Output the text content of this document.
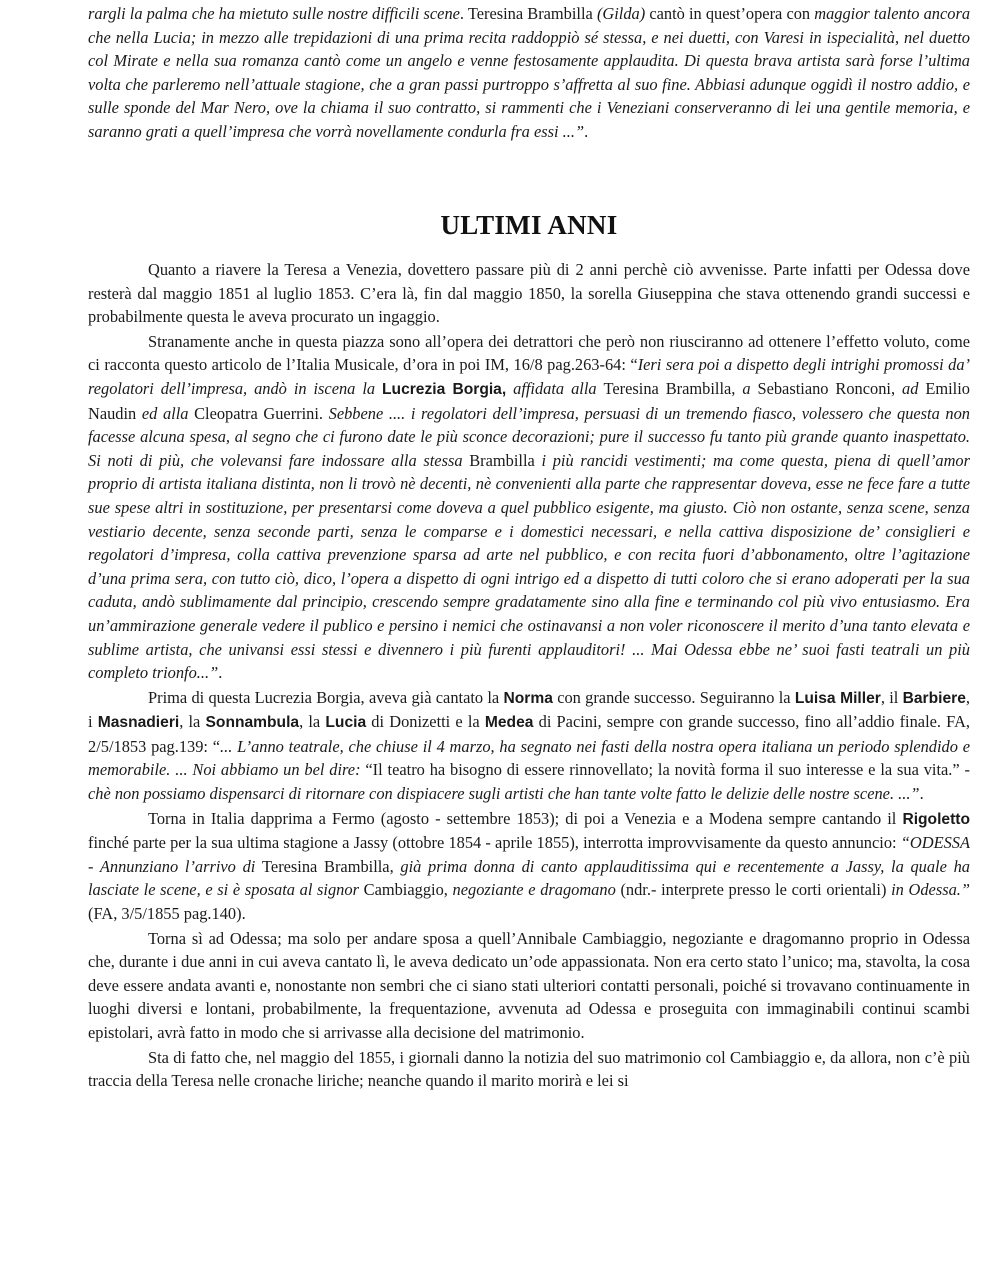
rargli la palma che ha mietuto sulle nostre difficili scene. Teresina Brambilla (Gilda) cantò in quest’opera con maggior talento ancora che nella Lucia; in mezzo alle trepidazioni di una prima recita raddoppiò sé stessa, e nei duetti, con Varesi in ispecialità, nel duetto col Mirate e nella sua romanza cantò come un angelo e venne festosamente applaudita. Di questa brava artista sarà forse l’ultima volta che parleremo nell’attuale stagione, che a gran passi purtroppo s’affretta al suo fine. Abbiasi adunque oggidì il nostro addio, e sulle sponde del Mar Nero, ove la chiama il suo contratto, si rammenti che i Veneziani conserveranno di lei una gentile memoria, e saranno grati a quell’impresa che vorrà novellamente condurla fra essi ...”.

ULTIMI ANNI

Quanto a riavere la Teresa a Venezia, dovettero passare più di 2 anni perchè ciò avvenisse. Parte infatti per Odessa dove resterà dal maggio 1851 al luglio 1853. C’era là, fin dal maggio 1850, la sorella Giuseppina che stava ottenendo grandi successi e probabilmente questa le aveva procurato un ingaggio.

Stranamente anche in questa piazza sono all’opera dei detrattori che però non riusciranno ad ottenere l’effetto voluto, come ci racconta questo articolo de l’Italia Musicale, d’ora in poi IM, 16/8 pag.263-64: “Ieri sera poi a dispetto degli intrighi promossi da’ regolatori dell’impresa, andò in iscena la Lucrezia Borgia, affidata alla Teresina Brambilla, a Sebastiano Ronconi, ad Emilio Naudin ed alla Cleopatra Guerrini. Sebbene .... i regolatori dell’impresa, persuasi di un tremendo fiasco, volessero che questa non facesse alcuna spesa, al segno che ci furono date le più sconce decorazioni; pure il successo fu tanto più grande quanto inaspettato. Si noti di più, che volevansi fare indossare alla stessa Brambilla i più rancidi vestimenti; ma come questa, piena di quell’amor proprio di artista italiana distinta, non li trovò nè decenti, nè convenienti alla parte che rappresentar doveva, esse ne fece fare a tutte sue spese altri in sostituzione, per presentarsi come doveva a quel pubblico esigente, ma giusto. Ciò non ostante, senza scene, senza vestiario decente, senza seconde parti, senza le comparse e i domestici necessari, e nella cattiva disposizione de’ consiglieri e regolatori d’impresa, colla cattiva prevenzione sparsa ad arte nel pubblico, e con recita fuori d’abbonamento, oltre l’agitazione d’una prima sera, con tutto ciò, dico, l’opera a dispetto di ogni intrigo ed a dispetto di tutti coloro che si erano adoperati per la sua caduta, andò sublimamente dal principio, crescendo sempre gradatamente sino alla fine e terminando col più vivo entusiasmo. Era un’ammirazione generale vedere il publico e persino i nemici che ostinavansi a non voler riconoscere il merito d’una tanto elevata e sublime artista, che univansi essi stessi e divennero i più furenti applauditori! ... Mai Odessa ebbe ne’ suoi fasti teatrali un più completo trionfo...”.

Prima di questa Lucrezia Borgia, aveva già cantato la Norma con grande successo. Seguiranno la Luisa Miller, il Barbiere, i Masnadieri, la Sonnambula, la Lucia di Donizetti e la Medea di Pacini, sempre con grande successo, fino all’addio finale. FA, 2/5/1853 pag.139: “... L’anno teatrale, che chiuse il 4 marzo, ha segnato nei fasti della nostra opera italiana un periodo splendido e memorabile. ... Noi abbiamo un bel dire: “Il teatro ha bisogno di essere rinnovellato; la novità forma il suo interesse e la sua vita.” - chè non possiamo dispensarci di ritornare con dispiacere sugli artisti che han tante volte fatto le delizie delle nostre scene. ...”.

Torna in Italia dapprima a Fermo (agosto - settembre 1853); di poi a Venezia e a Modena sempre cantando il Rigoletto finché parte per la sua ultima stagione a Jassy (ottobre 1854 - aprile 1855), interrotta improvvisamente da questo annuncio: “ODESSA - Annunziano l’arrivo di Teresina Brambilla, già prima donna di canto applauditissima qui e recentemente a Jassy, la quale ha lasciate le scene, e si è sposata al signor Cambiaggio, negoziante e dragomano (ndr.- interprete presso le corti orientali) in Odessa.” (FA, 3/5/1855 pag.140).

Torna sì ad Odessa; ma solo per andare sposa a quell’Annibale Cambiaggio, negoziante e dragomanno proprio in Odessa che, durante i due anni in cui aveva cantato lì, le aveva dedicato un’ode appassionata. Non era certo stato l’unico; ma, stavolta, la cosa deve essere andata avanti e, nonostante non sembri che ci siano stati ulteriori contatti personali, poiché si trovavano continuamente in luoghi diversi e lontani, probabilmente, la frequentazione, avvenuta ad Odessa e proseguita con immaginabili continui scambi epistolari, avrà fatto in modo che si arrivasse alla decisione del matrimonio.

Sta di fatto che, nel maggio del 1855, i giornali danno la notizia del suo matrimonio col Cambiaggio e, da allora, non c’è più traccia della Teresa nelle cronache liriche; neanche quando il marito morirà e lei si
